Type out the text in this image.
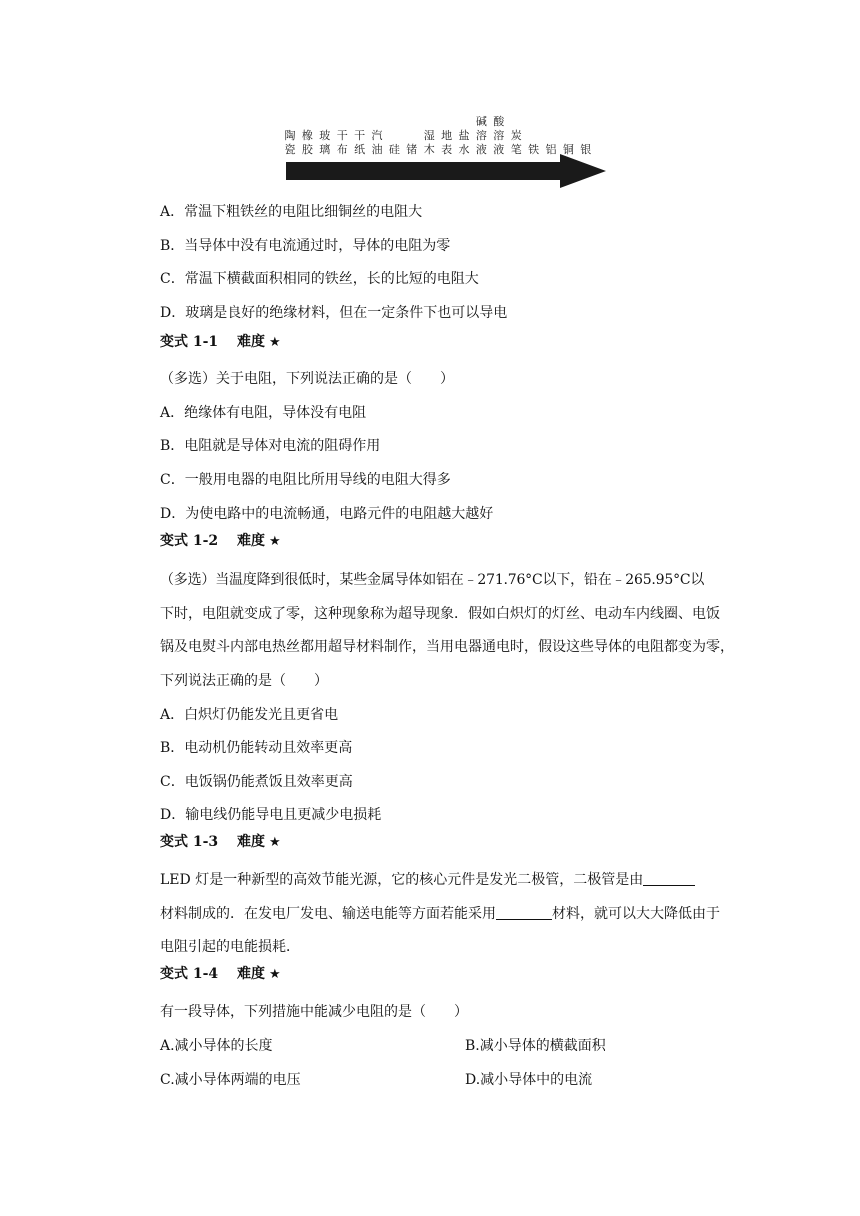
陶
瓷
橡
胶
玻
璃
干
布
干
纸
汽
油 硅 锗
湿
木
地
表
盐
水
碱
溶
液
酸
溶
液
炭
笔 铁 铝 铜 银
A．常温下粗铁丝的电阻比细铜丝的电阻大
B．当导体中没有电流通过时，导体的电阻为零
C．常温下横截面积相同的铁丝，长的比短的电阻大
D．玻璃是良好的绝缘材料，但在一定条件下也可以导电
变式 1-1　 难度 ★
（多选）关于电阻，下列说法正确的是（　　）
A．绝缘体有电阻，导体没有电阻
B．电阻就是导体对电流的阻碍作用
C．一般用电器的电阻比所用导线的电阻大得多
D．为使电路中的电流畅通，电路元件的电阻越大越好
变式 1-2　 难度 ★
（多选）当温度降到很低时，某些金属导体如铝在﹣271.76°C以下，铅在﹣265.95°C以
下时，电阻就变成了零，这种现象称为超导现象．假如白炽灯的灯丝、电动车内线圈、电饭
锅及电熨斗内部电热丝都用超导材料制作，当用电器通电时，假设这些导体的电阻都变为零，
下列说法正确的是（　　）
A．白炽灯仍能发光且更省电
B．电动机仍能转动且效率更高
C．电饭锅仍能煮饭且效率更高
D．输电线仍能导电且更减少电损耗
变式 1-3　 难度 ★
LED 灯是一种新型的高效节能光源，它的核心元件是发光二极管，二极管是由
材料制成的．在发电厂发电、输送电能等方面若能采用	材料，就可以大大降低由于
电阻引起的电能损耗．
变式 1-4　 难度 ★
有一段导体，下列措施中能减少电阻的是（　　）
A.减小导体的长度	B.减小导体的横截面积
C.减小导体两端的电压	D.减小导体中的电流
